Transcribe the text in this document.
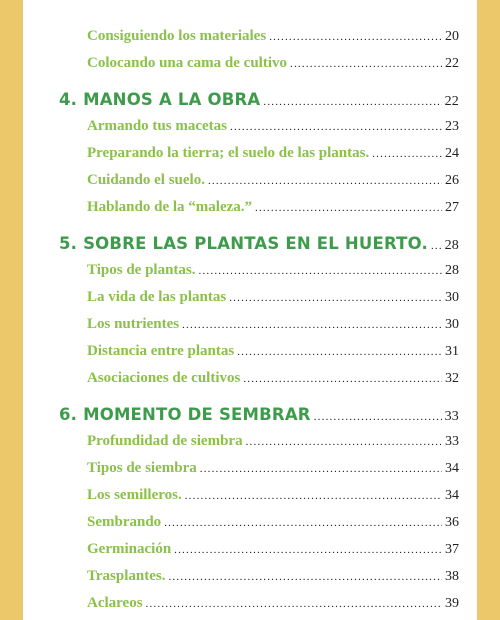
Consiguiendo los materiales .....	20
Colocando una cama de cultivo .....	22
4. MANOS A LA OBRA .....	22
Armando tus macetas .....	23
Preparando la tierra; el suelo de las plantas. .....	24
Cuidando el suelo. .....	26
Hablando de la “maleza.” .....	27
5. SOBRE LAS PLANTAS EN EL HUERTO. ..... 28
Tipos de plantas. .....	28
La vida de las plantas .....	30
Los nutrientes .....	30
Distancia entre plantas .....	31
Asociaciones de cultivos .....	32
6. MOMENTO DE SEMBRAR .....	33
Profundidad de siembra .....	33
Tipos de siembra .....	34
Los semilleros. .....	34
Sembrando .....	36
Germinación .....	37
Trasplantes. .....	38
Aclareos .....	39
